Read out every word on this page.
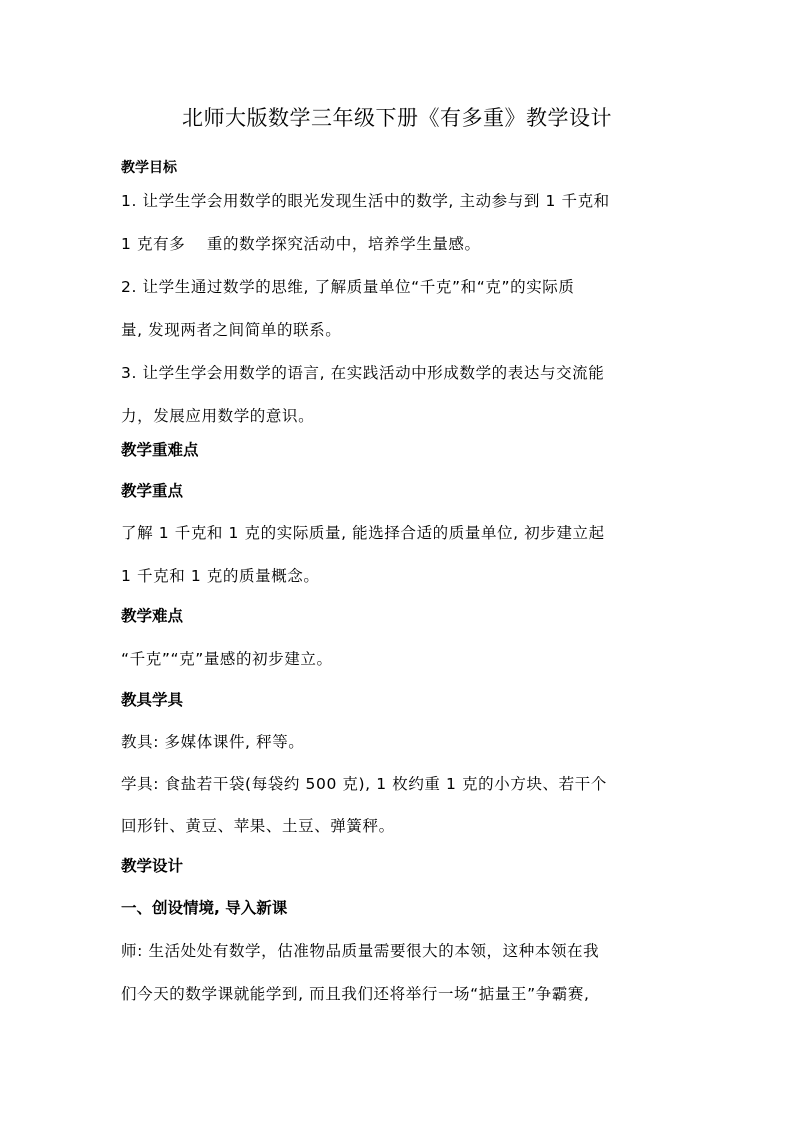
北师大版数学三年级下册《有多重》教学设计
教学目标
1. 让学生学会用数学的眼光发现生活中的数学, 主动参与到 1 千克和
1 克有多　 重的数学探究活动中，培养学生量感。
2. 让学生通过数学的思维, 了解质量单位“千克”和“克”的实际质
量, 发现两者之间简单的联系。
3. 让学生学会用数学的语言, 在实践活动中形成数学的表达与交流能
力，发展应用数学的意识。
教学重难点
教学重点
了解 1 千克和 1 克的实际质量, 能选择合适的质量单位, 初步建立起
1 千克和 1 克的质量概念。
教学难点
“千克”“克”量感的初步建立。
教具学具
教具: 多媒体课件, 秤等。
学具: 食盐若干袋(每袋约 500 克), 1 枚约重 1 克的小方块、若干个
回形针、黄豆、苹果、土豆、弹簧秤。
教学设计
一、创设情境, 导入新课
师: 生活处处有数学，估准物品质量需要很大的本领，这种本领在我
们今天的数学课就能学到, 而且我们还将举行一场“掂量王”争霸赛,
